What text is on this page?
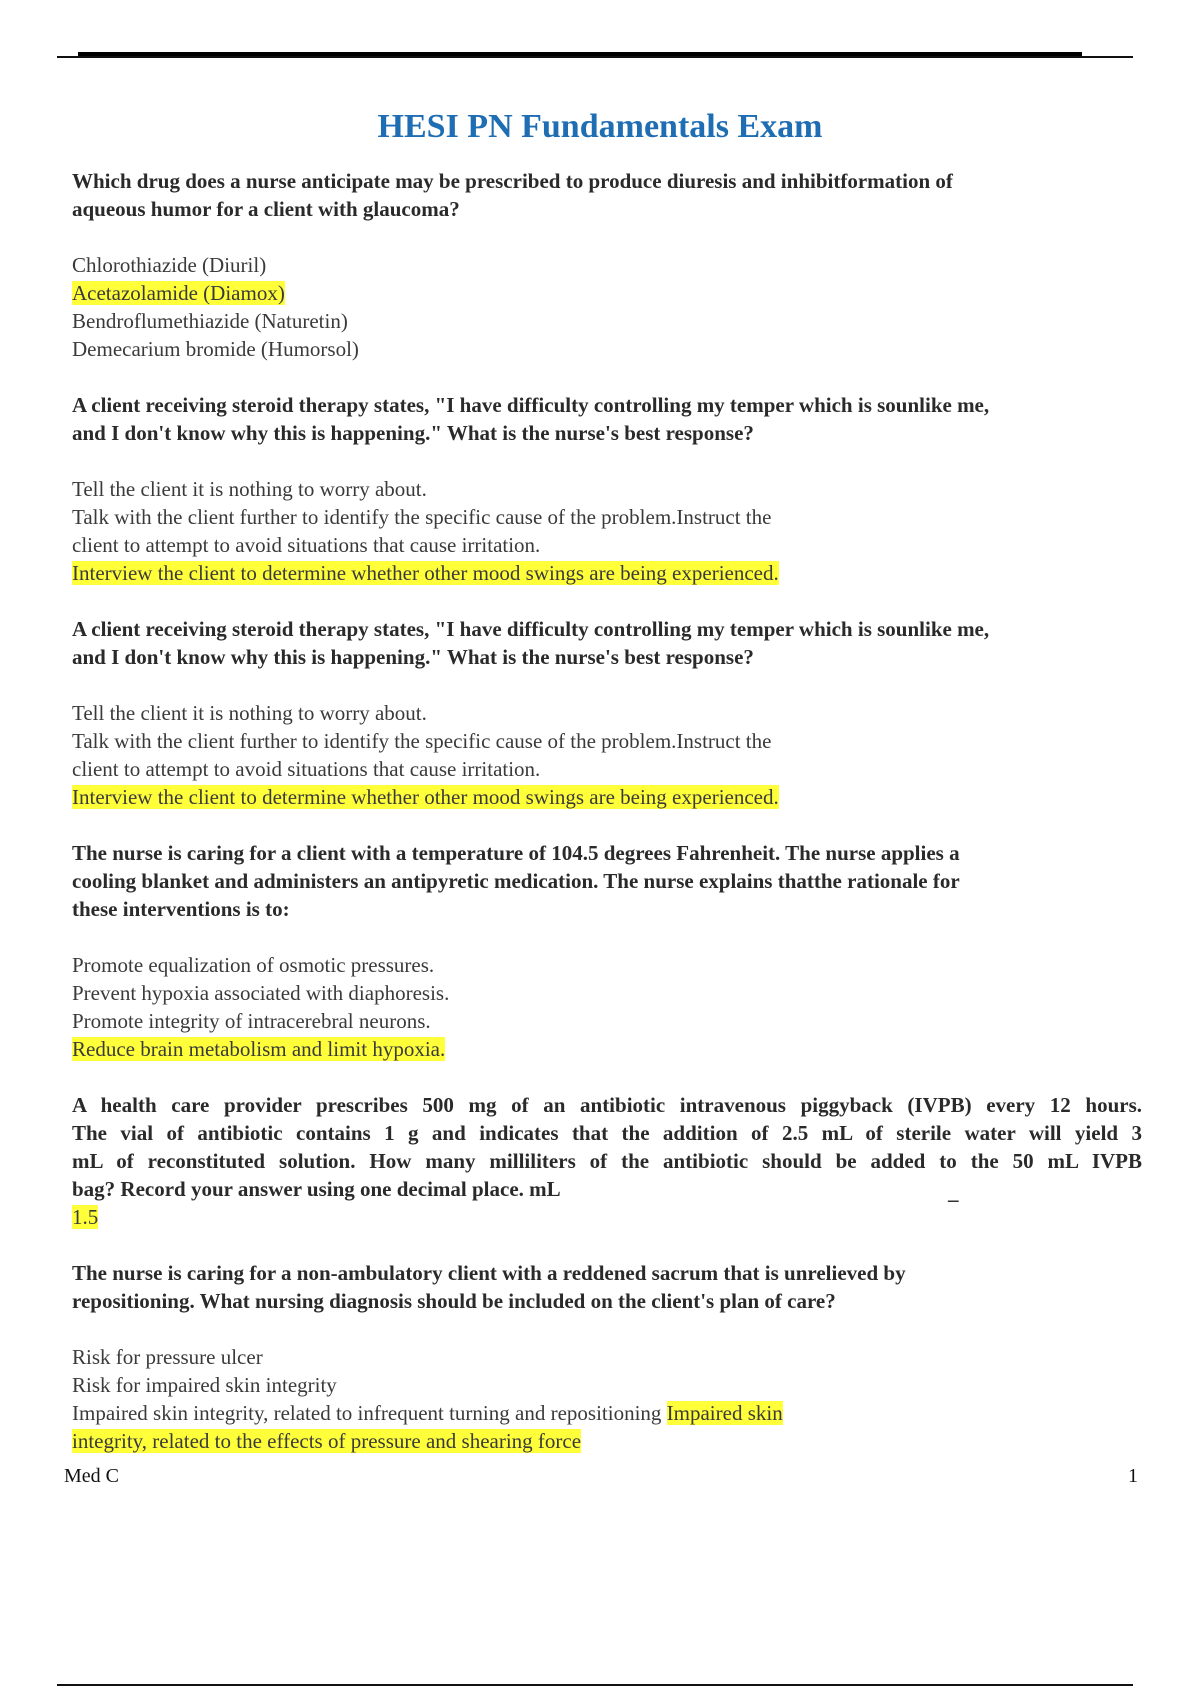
HESI PN Fundamentals Exam
Which drug does a nurse anticipate may be prescribed to produce diuresis and inhibitformation of
aqueous humor for a client with glaucoma?
Chlorothiazide (Diuril)
Acetazolamide (Diamox)
Bendroflumethiazide (Naturetin)
Demecarium bromide (Humorsol)
A client receiving steroid therapy states, "I have difficulty controlling my temper which is sounlike me,
and I don't know why this is happening." What is the nurse's best response?
Tell the client it is nothing to worry about.
Talk with the client further to identify the specific cause of the problem.Instruct the
client to attempt to avoid situations that cause irritation.
Interview the client to determine whether other mood swings are being experienced.
A client receiving steroid therapy states, "I have difficulty controlling my temper which is sounlike me,
and I don't know why this is happening." What is the nurse's best response?
Tell the client it is nothing to worry about.
Talk with the client further to identify the specific cause of the problem.Instruct the
client to attempt to avoid situations that cause irritation.
Interview the client to determine whether other mood swings are being experienced.
The nurse is caring for a client with a temperature of 104.5 degrees Fahrenheit. The nurse applies a
cooling blanket and administers an antipyretic medication. The nurse explains thatthe rationale for
these interventions is to:
Promote equalization of osmotic pressures.
Prevent hypoxia associated with diaphoresis.
Promote integrity of intracerebral neurons.
Reduce brain metabolism and limit hypoxia.
A health care provider prescribes 500 mg of an antibiotic intravenous piggyback (IVPB) every 12 hours.
The vial of antibiotic contains 1 g and indicates that the addition of 2.5 mL of sterile water will yield 3
mL of reconstituted solution. How many milliliters of the antibiotic should be added to the 50 mL IVPB
bag? Record your answer using one decimal place. mL
1.5
The nurse is caring for a non-ambulatory client with a reddened sacrum that is unrelieved by
repositioning. What nursing diagnosis should be included on the client's plan of care?
Risk for pressure ulcer
Risk for impaired skin integrity
Impaired skin integrity, related to infrequent turning and repositioning Impaired skin
integrity, related to the effects of pressure and shearing force
_
Med C	1
